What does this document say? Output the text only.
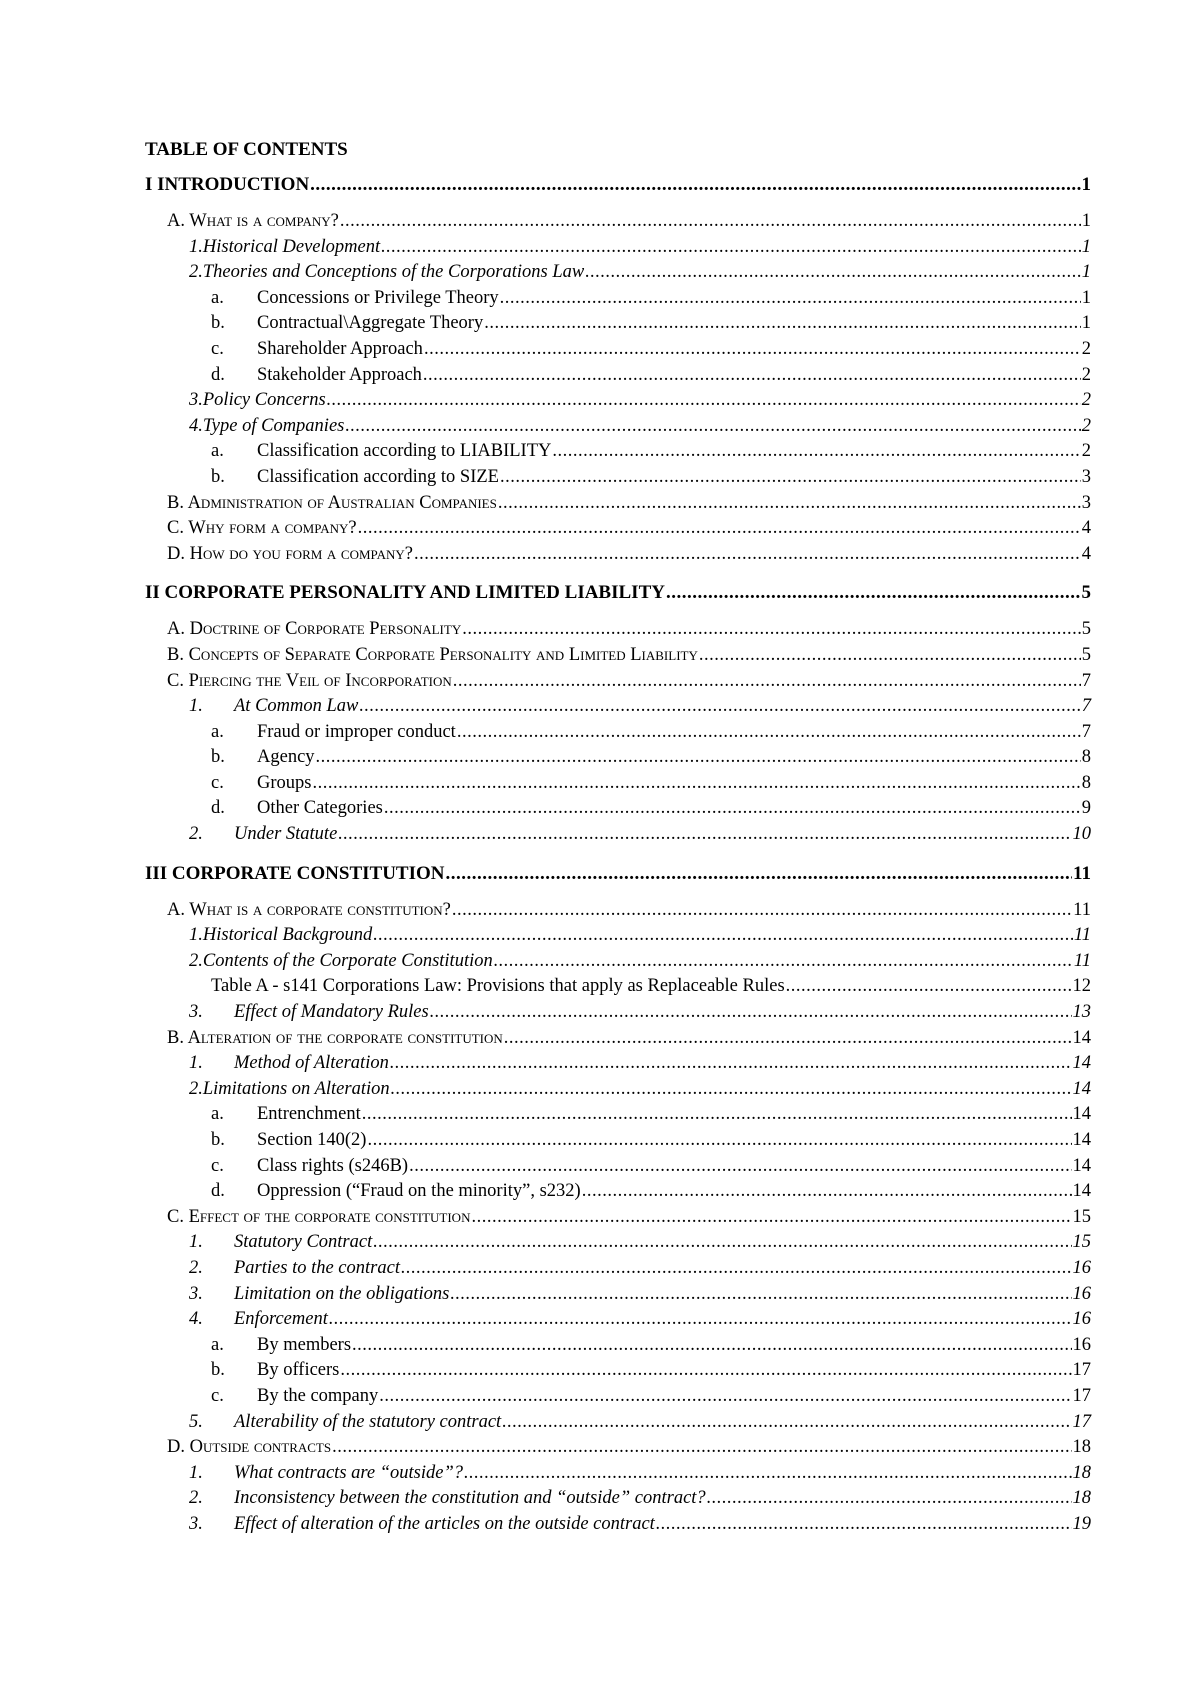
TABLE OF CONTENTS
I INTRODUCTION .....	1
A. What is a company? .....	1
1. Historical Development .....	1
2. Theories and Conceptions of the Corporations Law .....	1
a.	Concessions or Privilege Theory .....	1
b.	Contractual\Aggregate Theory .....	1
c.	Shareholder Approach .....	2
d.	Stakeholder Approach .....	2
3. Policy Concerns .....	2
4. Type of Companies .....	2
a.	Classification according to LIABILITY .....	2
b.	Classification according to SIZE .....	3
B. Administration of Australian Companies .....	3
C. Why form a company? .....	4
D. How do you form a company? .....	4
II CORPORATE PERSONALITY AND LIMITED LIABILITY .....	5
A. Doctrine of Corporate Personality .....	5
B. Concepts of Separate Corporate Personality and Limited Liability .....	5
C. Piercing the Veil of Incorporation .....	7
1.	At Common Law .....	7
a.	Fraud or improper conduct .....	7
b.	Agency .....	8
c.	Groups .....	8
d.	Other Categories .....	9
2.	Under Statute .....	10
III CORPORATE CONSTITUTION .....	11
A. What is a corporate constitution? .....	11
1. Historical Background .....	11
2. Contents of the Corporate Constitution .....	11
Table A - s141 Corporations Law: Provisions that apply as Replaceable Rules .....	12
3.	Effect of Mandatory Rules .....	13
B. Alteration of the corporate constitution .....	14
1.	Method of Alteration .....	14
2. Limitations on Alteration .....	14
a.	Entrenchment .....	14
b.	Section 140(2) .....	14
c.	Class rights (s246B) .....	14
d.	Oppression (“Fraud on the minority”, s232) .....	14
C. Effect of the corporate constitution .....	15
1.	Statutory Contract .....	15
2.	Parties to the contract .....	16
3.	Limitation on the obligations .....	16
4.	Enforcement .....	16
a.	By members .....	16
b.	By officers .....	17
c.	By the company .....	17
5.	Alterability of the statutory contract .....	17
D. Outside contracts .....	18
1.	What contracts are “outside”? .....	18
2.	Inconsistency between the constitution and “outside” contract? .....	18
3.	Effect of alteration of the articles on the outside contract .....	19
